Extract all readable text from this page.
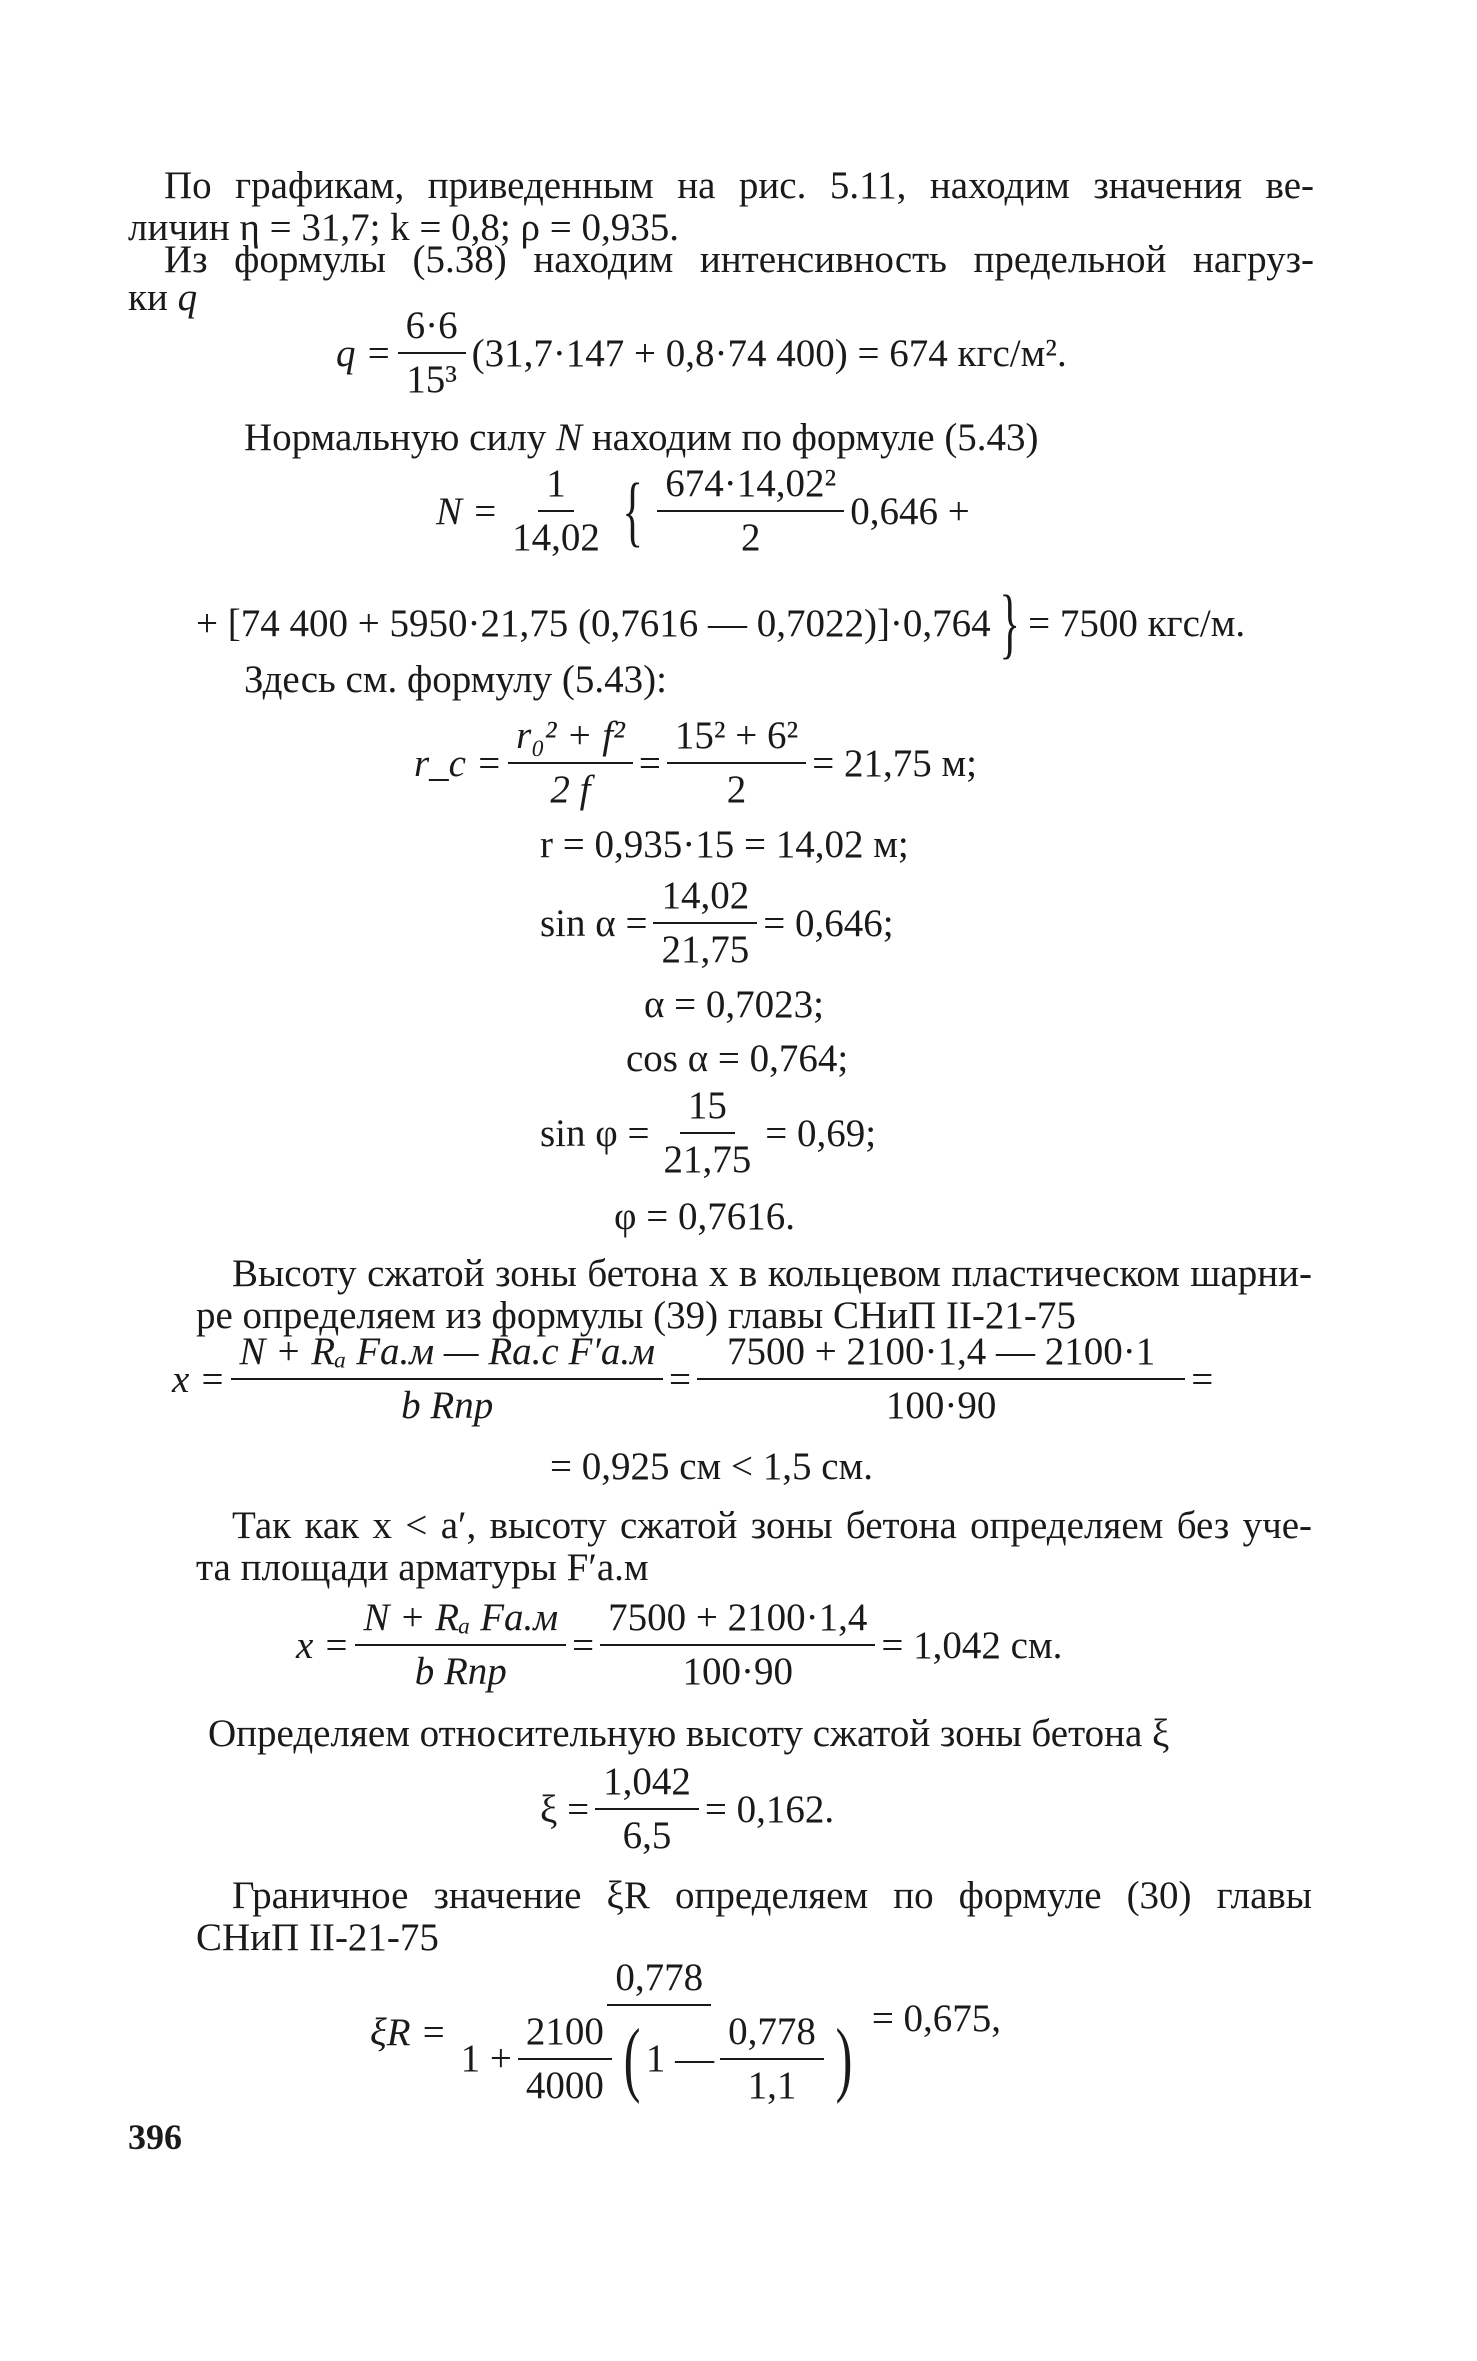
По графикам, приведенным на рис. 5.11, находим значения ве-
личин η = 31,7; k = 0,8; ρ = 0,935.
Из формулы (5.38) находим интенсивность предельной нагруз-
ки q
$q = \frac{6\cdot 6}{\text{15³}} (31,7\cdot 147 + 0,8\cdot 74$ 400) = 674 кгс/м².
Нормальную силу N находим по формуле (5.43)
$N = \frac{1}{14,02}$ { $\frac{\text{674·14,02²}}{2} 0,646$ +
+ [74 400 + 5950·21,75 (0,7616 — 0,7022)]·0,764 } = 7500 кгс/м.
Здесь см. формулу (5.43):
r_c = $\frac{\text{r₀² + f²}}{2 f} = \frac{\text{15² + 6²}}{2} = 21,75$ м;
r = 0,935·15 = 14,02 м;
$\sin \alpha = \frac{14,02}{21,75} = 0,646$;
α = 0,7023;
cos α = 0,764;
$\sin \varphi = \frac{15}{21,75} = 0,69$;
φ = 0,7616.
Высоту сжатой зоны бетона x в кольцевом пластическом шарни-
ре определяем из формулы (39) главы СНиП II-21-75
$x = \frac{\text{N + Rₐ Fа.м — Rа.с F′а.м}}{\text{b Rпр}} = \frac{7500 + 2100\cdot 1,4 — 2100\cdot 1}{100\cdot 90}$ =
= 0,925 см < 1,5 см.
Так как x < a′, высоту сжатой зоны бетона определяем без уче-
та площади арматуры F′а.м
$x = \frac{\text{N + Rₐ Fа.м}}{\text{b Rпр}} = \frac{7500 + 2100\cdot 1,4}{100\cdot 90} = 1,042$ см.
Определяем относительную высоту сжатой зоны бетона ξ
$\xi = \frac{1,042}{6,5} = 0,162$.
Граничное значение ξR определяем по формуле (30) главы
СНиП II-21-75
ξR =
0,778
$1 + \frac{2100}{4000}$ ( 1 — $\frac{0,778}{1,1}$ ) = 0,675,
396
